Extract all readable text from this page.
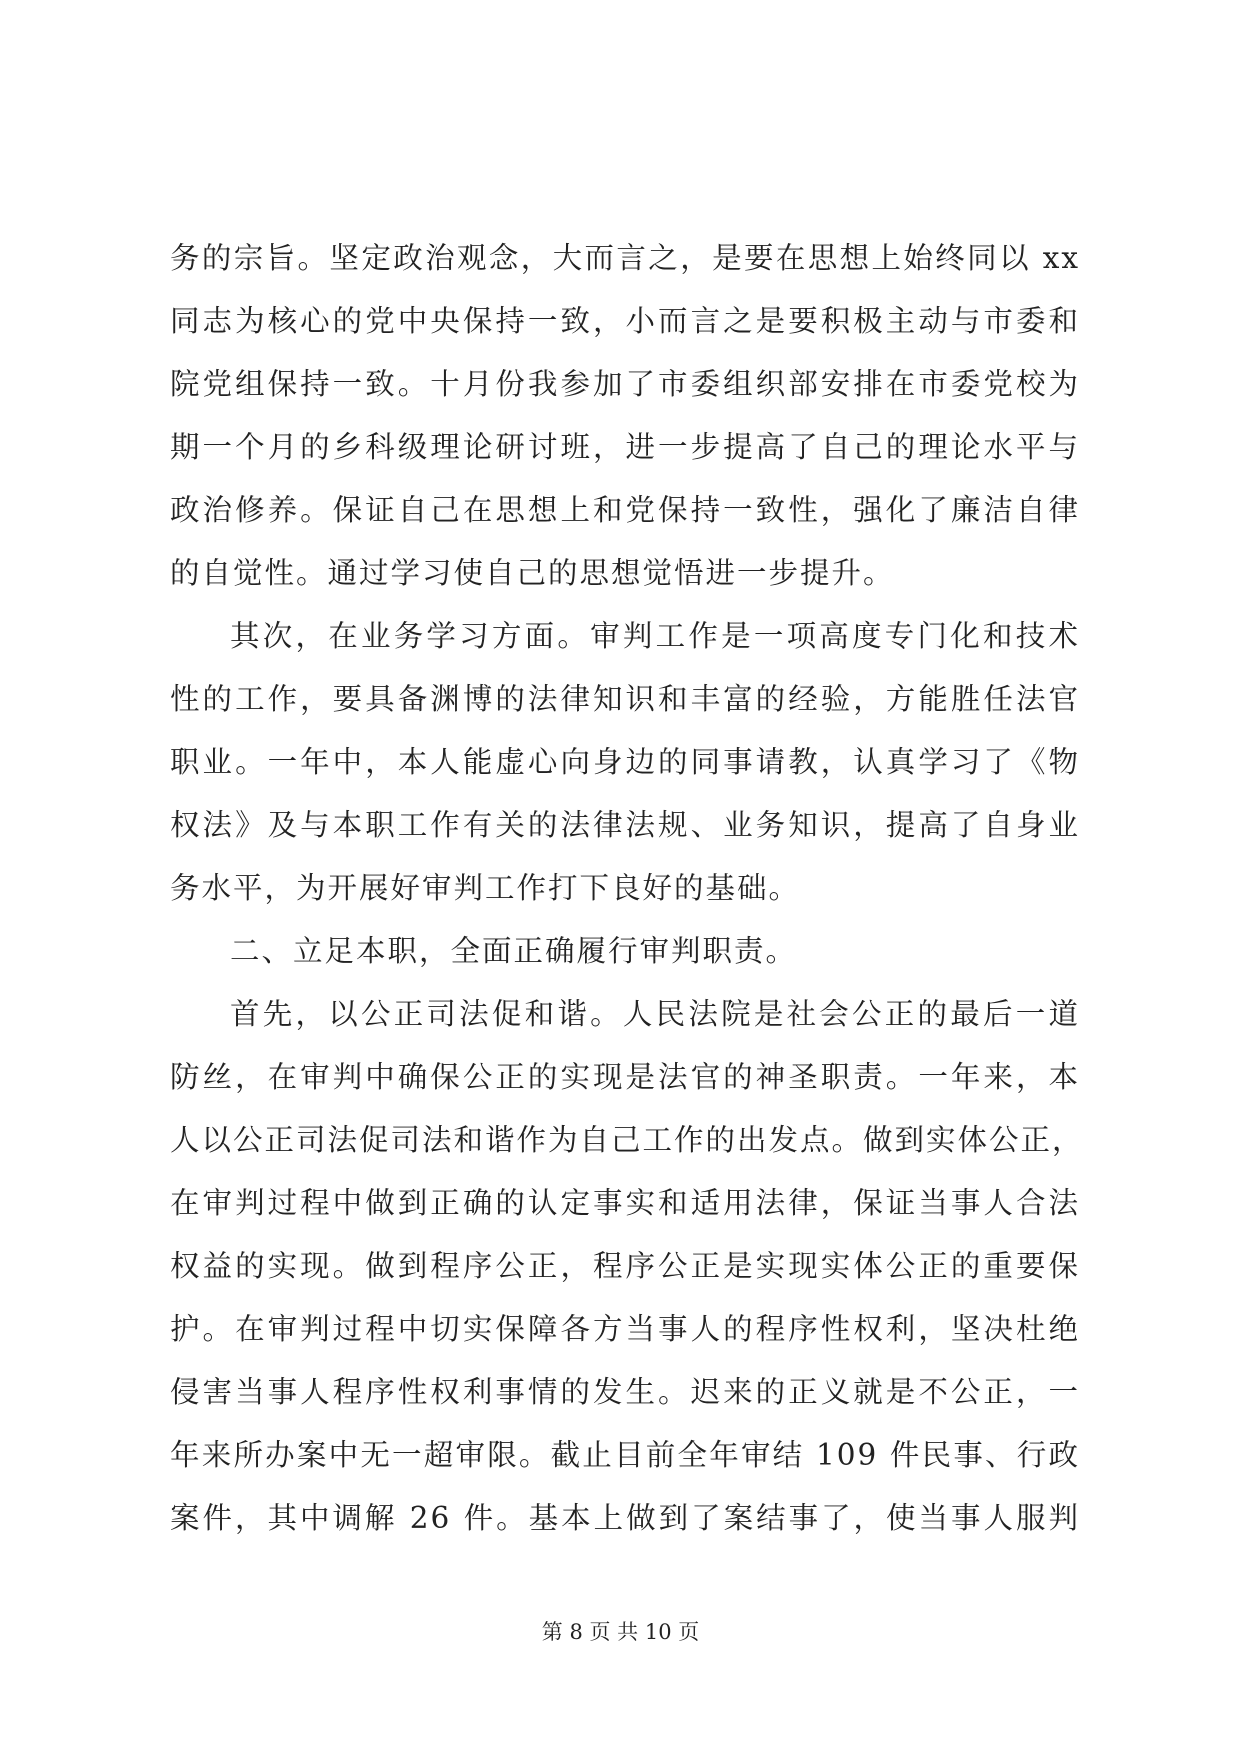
务的宗旨。坚定政治观念，大而言之，是要在思想上始终同以 xx
同志为核心的党中央保持一致，小而言之是要积极主动与市委和
院党组保持一致。十月份我参加了市委组织部安排在市委党校为
期一个月的乡科级理论研讨班，进一步提高了自己的理论水平与
政治修养。保证自己在思想上和党保持一致性，强化了廉洁自律
的自觉性。通过学习使自己的思想觉悟进一步提升。
其次，在业务学习方面。审判工作是一项高度专门化和技术
性的工作，要具备渊博的法律知识和丰富的经验，方能胜任法官
职业。一年中，本人能虚心向身边的同事请教，认真学习了《物
权法》及与本职工作有关的法律法规、业务知识，提高了自身业
务水平，为开展好审判工作打下良好的基础。
二、立足本职，全面正确履行审判职责。
首先，以公正司法促和谐。人民法院是社会公正的最后一道
防丝，在审判中确保公正的实现是法官的神圣职责。一年来，本
人以公正司法促司法和谐作为自己工作的出发点。做到实体公正，
在审判过程中做到正确的认定事实和适用法律，保证当事人合法
权益的实现。做到程序公正，程序公正是实现实体公正的重要保
护。在审判过程中切实保障各方当事人的程序性权利，坚决杜绝
侵害当事人程序性权利事情的发生。迟来的正义就是不公正，一
年来所办案中无一超审限。截止目前全年审结 109 件民事、行政
案件，其中调解 26 件。基本上做到了案结事了，使当事人服判
第 8 页 共 10 页
